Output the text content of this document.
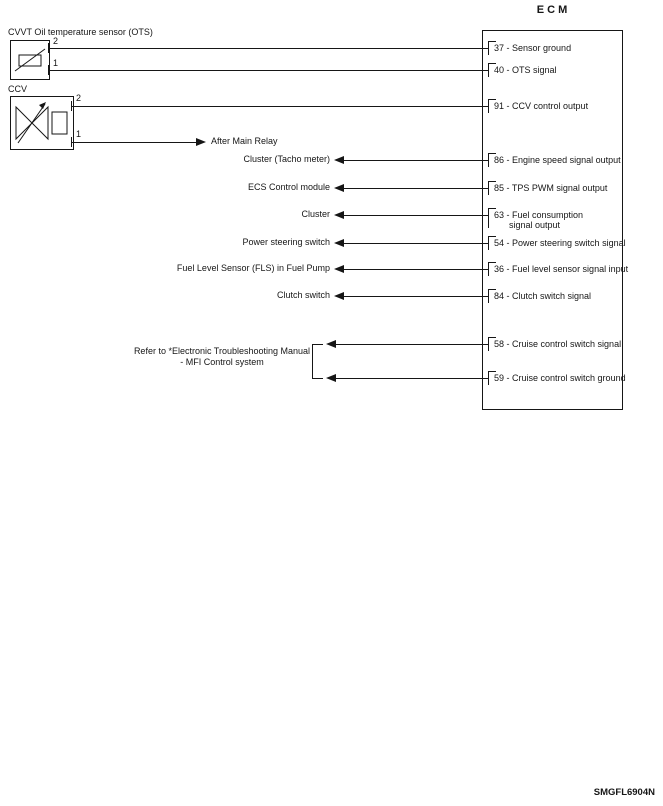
E C M
CVVT Oil temperature sensor (OTS)
2
1
CCV
2
1
After Main Relay
Cluster (Tacho meter)
ECS Control module
Cluster
Power steering switch
Fuel Level Sensor (FLS) in Fuel Pump
Clutch switch
Refer to *Electronic Troubleshooting Manual
- MFI Control system
37 - Sensor ground
40 - OTS signal
91 - CCV control output
86 - Engine speed signal output
85 - TPS PWM signal output
63 - Fuel consumption
signal output
54 - Power steering switch signal
36 - Fuel level sensor signal input
84 - Clutch switch signal
58 - Cruise control switch signal
59 - Cruise control switch ground
SMGFL6904N
